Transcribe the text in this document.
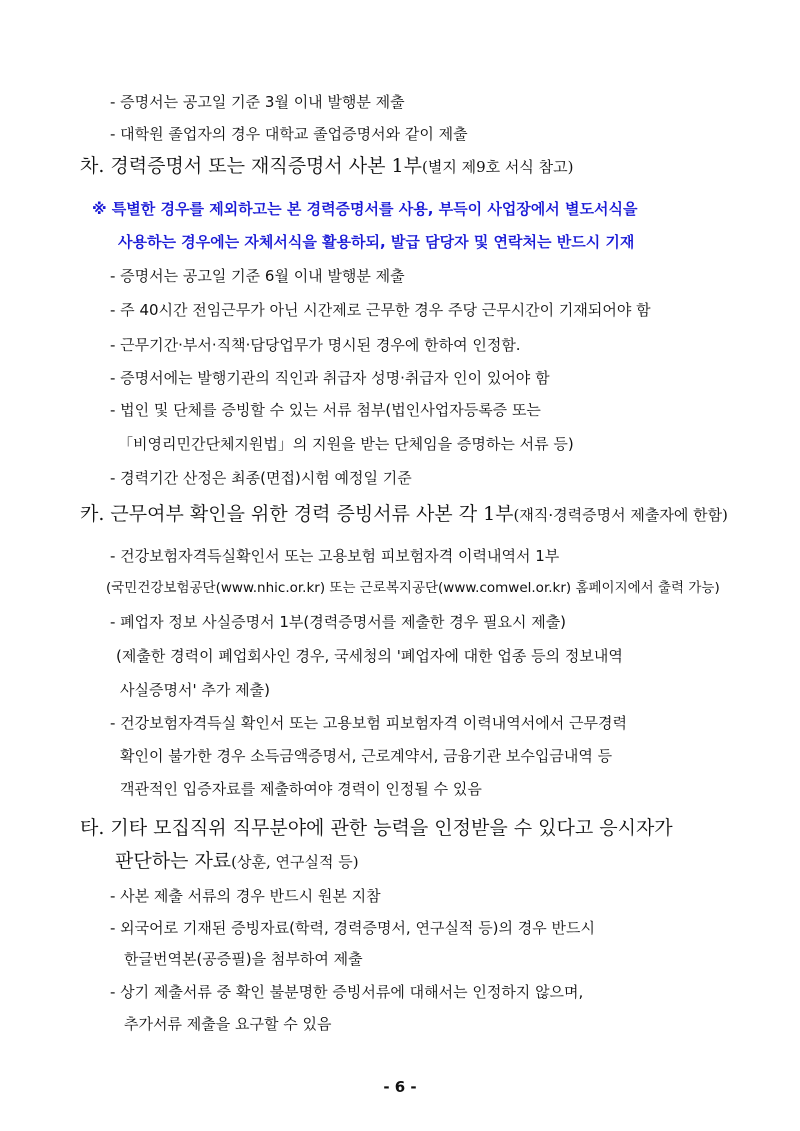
- 증명서는 공고일 기준 3월 이내 발행분 제출
- 대학원 졸업자의 경우 대학교 졸업증명서와 같이 제출
차. 경력증명서 또는 재직증명서 사본 1부(별지 제9호 서식 참고)
※ 특별한 경우를 제외하고는 본 경력증명서를 사용, 부득이 사업장에서 별도서식을
사용하는 경우에는 자체서식을 활용하되, 발급 담당자 및 연락처는 반드시 기재
- 증명서는 공고일 기준 6월 이내 발행분 제출
- 주 40시간 전임근무가 아닌 시간제로 근무한 경우 주당 근무시간이 기재되어야 함
- 근무기간·부서·직책·담당업무가 명시된 경우에 한하여 인정함.
- 증명서에는 발행기관의 직인과 취급자 성명·취급자 인이 있어야 함
- 법인 및 단체를 증빙할 수 있는 서류 첨부(법인사업자등록증 또는
「비영리민간단체지원법」의 지원을 받는 단체임을 증명하는 서류 등)
- 경력기간 산정은 최종(면접)시험 예정일 기준
카. 근무여부 확인을 위한 경력 증빙서류 사본 각 1부(재직·경력증명서 제출자에 한함)
- 건강보험자격득실확인서 또는 고용보험 피보험자격 이력내역서 1부
(국민건강보험공단(www.nhic.or.kr) 또는 근로복지공단(www.comwel.or.kr) 홈페이지에서 출력 가능)
- 폐업자 정보 사실증명서 1부(경력증명서를 제출한 경우 필요시 제출)
(제출한 경력이 폐업회사인 경우, 국세청의 '폐업자에 대한 업종 등의 정보내역
사실증명서' 추가 제출)
- 건강보험자격득실 확인서 또는 고용보험 피보험자격 이력내역서에서 근무경력
확인이 불가한 경우 소득금액증명서, 근로계약서, 금융기관 보수입금내역 등
객관적인 입증자료를 제출하여야 경력이 인정될 수 있음
타. 기타 모집직위 직무분야에 관한 능력을 인정받을 수 있다고 응시자가
판단하는 자료(상훈, 연구실적 등)
- 사본 제출 서류의 경우 반드시 원본 지참
- 외국어로 기재된 증빙자료(학력, 경력증명서, 연구실적 등)의 경우 반드시
한글번역본(공증필)을 첨부하여 제출
- 상기 제출서류 중 확인 불분명한 증빙서류에 대해서는 인정하지 않으며,
추가서류 제출을 요구할 수 있음
- 6 -
